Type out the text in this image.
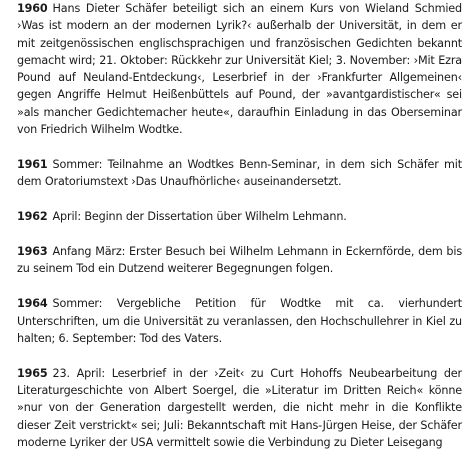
1960 Hans Dieter Schäfer beteiligt sich an einem Kurs von Wieland Schmied ›Was ist modern an der modernen Lyrik?‹ außerhalb der Universität, in dem er mit zeitgenössischen englischsprachigen und französischen Gedichten bekannt gemacht wird; 21. Oktober: Rückkehr zur Universität Kiel; 3. November: ›Mit Ezra Pound auf Neuland-Entdeckung‹, Leserbrief in der ›Frankfurter Allgemeinen‹ gegen Angriffe Helmut Heißenbüttels auf Pound, der »avantgardistischer« sei »als mancher Gedichtemacher heute«, daraufhin Einladung in das Oberseminar von Friedrich Wilhelm Wodtke.

1961 Sommer: Teilnahme an Wodtkes Benn-Seminar, in dem sich Schäfer mit dem Oratoriumstext ›Das Unaufhörliche‹ auseinandersetzt.

1962 April: Beginn der Dissertation über Wilhelm Lehmann.

1963 Anfang März: Erster Besuch bei Wilhelm Lehmann in Eckernförde, dem bis zu seinem Tod ein Dutzend weiterer Begegnungen folgen.

1964 Sommer: Vergebliche Petition für Wodtke mit ca. vierhundert Unterschriften, um die Universität zu veranlassen, den Hochschullehrer in Kiel zu halten; 6. September: Tod des Vaters.

1965 23. April: Leserbrief in der ›Zeit‹ zu Curt Hohoffs Neubearbeitung der Literaturgeschichte von Albert Soergel, die »Literatur im Dritten Reich« könne »nur von der Generation dargestellt werden, die nicht mehr in die Konflikte dieser Zeit verstrickt« sei; Juli: Bekanntschaft mit Hans-Jürgen Heise, der Schäfer moderne Lyriker der USA vermittelt sowie die Verbindung zu Dieter Leisegang
